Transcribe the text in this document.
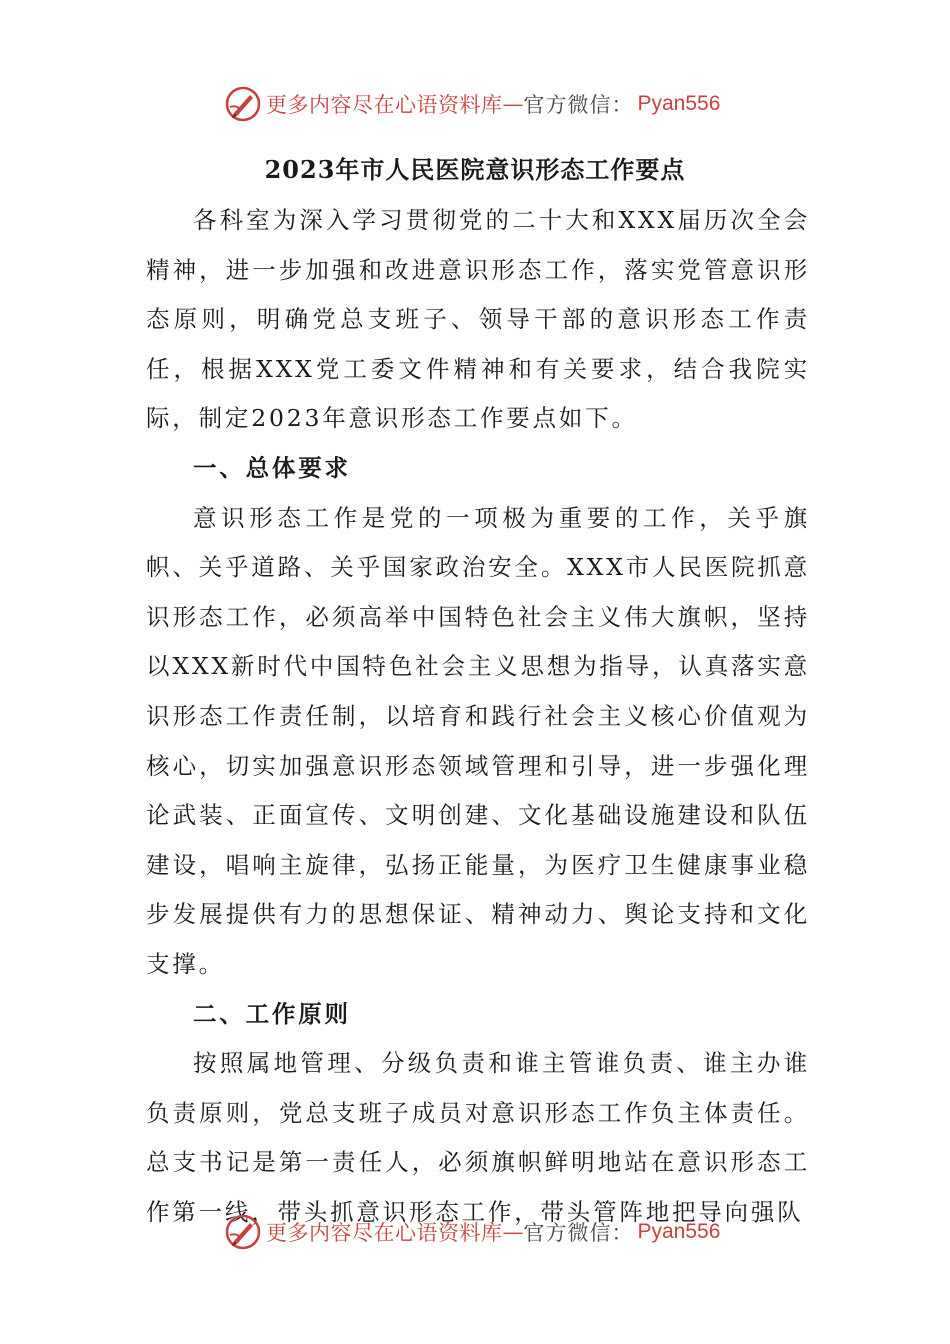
更多内容尽在心语资料库 — 官方微信： Pyan556
2023年市人民医院意识形态工作要点

各科室为深入学习贯彻党的二十大和XXX届历次全会精神，进一步加强和改进意识形态工作，落实党管意识形态原则，明确党总支班子、领导干部的意识形态工作责任，根据XXX党工委文件精神和有关要求，结合我院实际，制定2023年意识形态工作要点如下。

一、总体要求

意识形态工作是党的一项极为重要的工作，关乎旗帜、关乎道路、关乎国家政治安全。XXX市人民医院抓意识形态工作，必须高举中国特色社会主义伟大旗帜，坚持以XXX新时代中国特色社会主义思想为指导，认真落实意识形态工作责任制，以培育和践行社会主义核心价值观为核心，切实加强意识形态领域管理和引导，进一步强化理论武装、正面宣传、文明创建、文化基础设施建设和队伍建设，唱响主旋律，弘扬正能量，为医疗卫生健康事业稳步发展提供有力的思想保证、精神动力、舆论支持和文化支撑。

二、工作原则

按照属地管理、分级负责和谁主管谁负责、谁主办谁负责原则，党总支班子成员对意识形态工作负主体责任。总支书记是第一责任人，必须旗帜鲜明地站在意识形态工作第一线，带头抓意识形态工作，带头管阵地把导向强队

更多内容尽在心语资料库 — 官方微信： Pyan556
